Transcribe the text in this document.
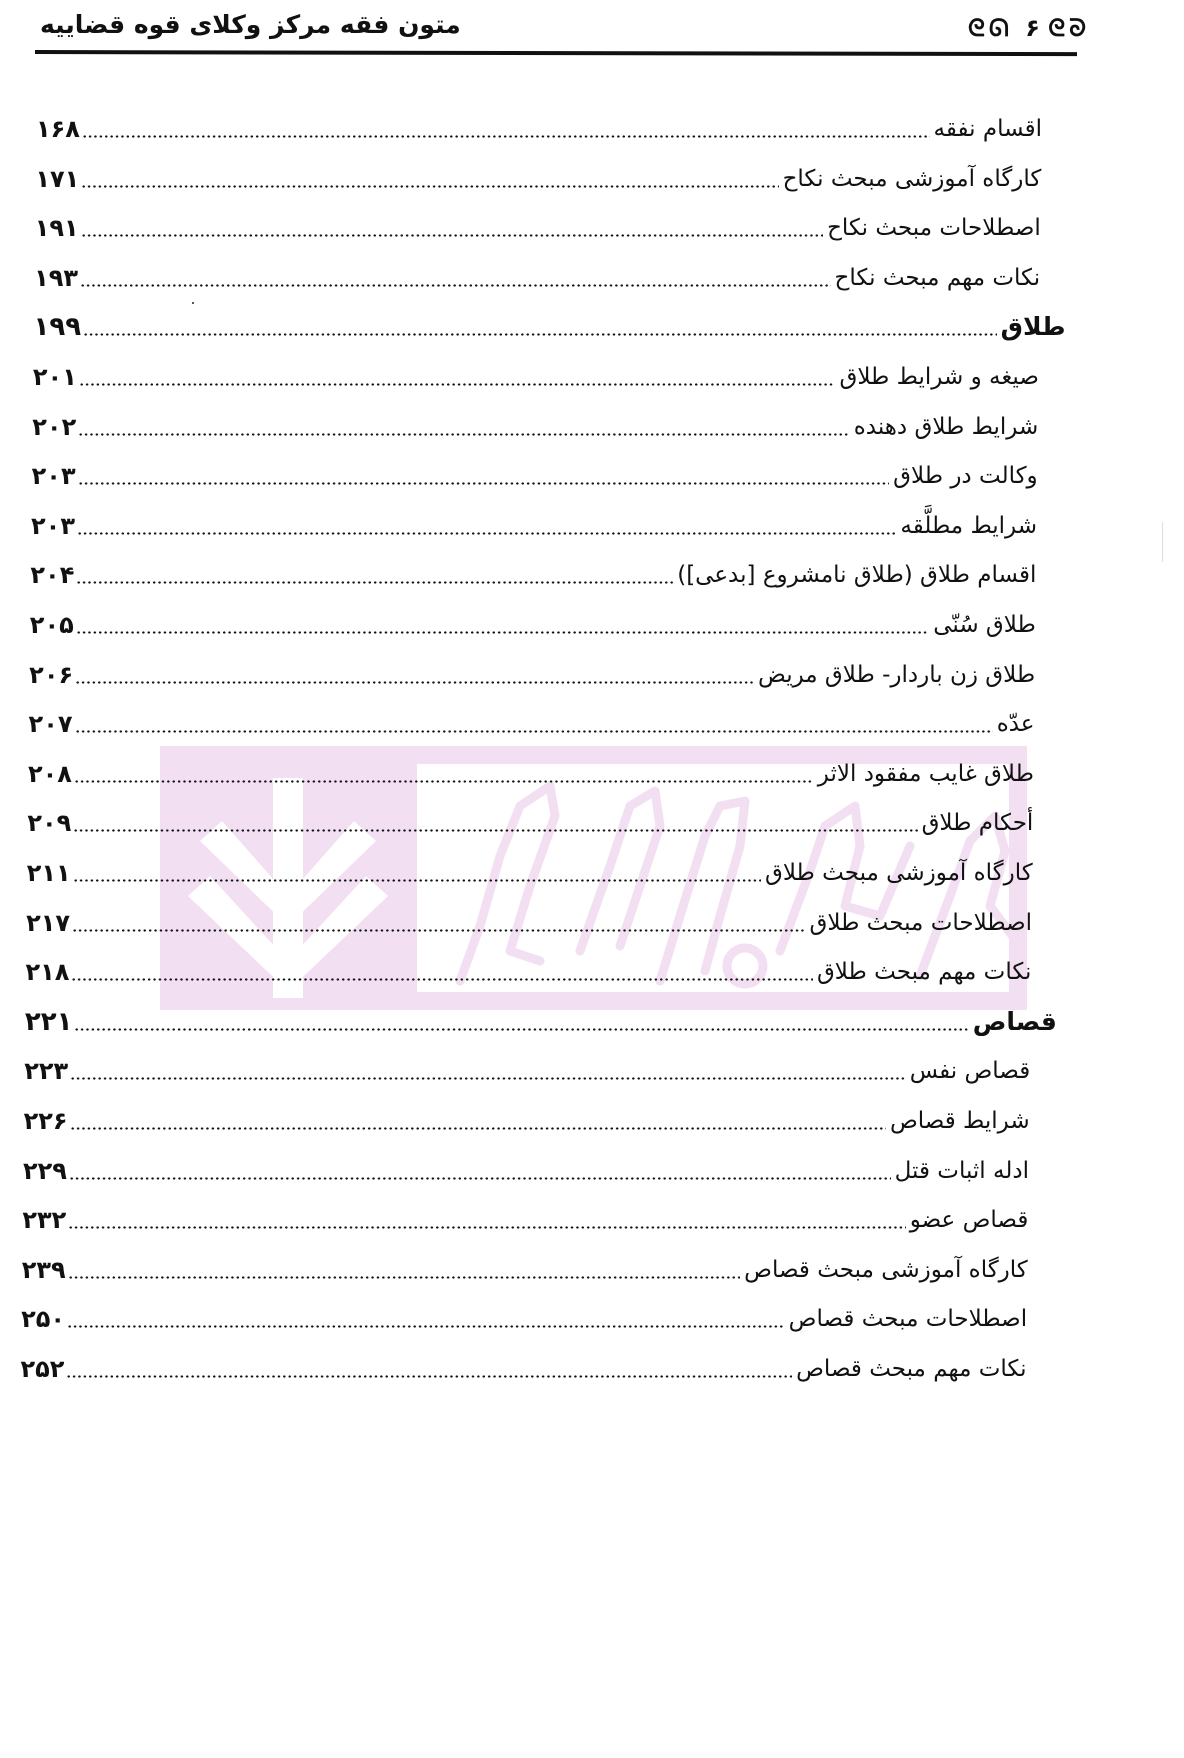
متون فقه مرکز وکلای قوه قضاییه	ᘓᘏ ۶ ᘓᘐ
اقسام نفقه
۱۶۸
کارگاه آموزشی مبحث نکاح
۱۷۱
اصطلاحات مبحث نکاح
۱۹۱
نکات مهم مبحث نکاح
۱۹۳
طلاق
۱۹۹
صیغه و شرایط طلاق
۲۰۱
شرایط طلاق دهنده
۲۰۲
وکالت در طلاق
۲۰۳
شرایط مطلَّقه
۲۰۳
اقسام طلاق (طلاق نامشروع [بدعی])
۲۰۴
طلاق سُنّی
۲۰۵
طلاق زن باردار- طلاق مریض
۲۰۶
عدّه
۲۰۷
طلاق غایب مفقود الاثر
۲۰۸
أحکام طلاق
۲۰۹
کارگاه آموزشی مبحث طلاق
۲۱۱
اصطلاحات مبحث طلاق
۲۱۷
نکات مهم مبحث طلاق
۲۱۸
قصاص
۲۲۱
قصاص نفس
۲۲۳
شرایط قصاص
۲۲۶
ادله اثبات قتل
۲۲۹
قصاص عضو
۲۳۲
کارگاه آموزشی مبحث قصاص
۲۳۹
اصطلاحات مبحث قصاص
۲۵۰
نکات مهم مبحث قصاص
۲۵۲
